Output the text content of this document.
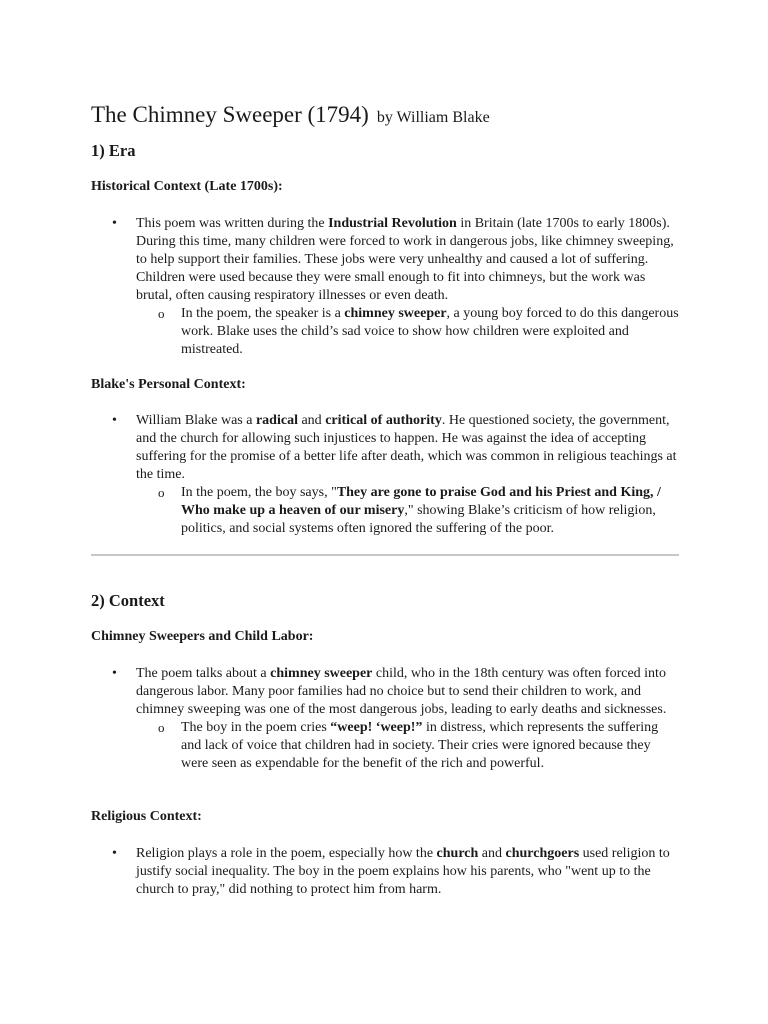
The Chimney Sweeper (1794) by William Blake
1) Era
Historical Context (Late 1700s):
• This poem was written during the Industrial Revolution in Britain (late 1700s to early 1800s). During this time, many children were forced to work in dangerous jobs, like chimney sweeping, to help support their families. These jobs were very unhealthy and caused a lot of suffering. Children were used because they were small enough to fit into chimneys, but the work was brutal, often causing respiratory illnesses or even death.
o In the poem, the speaker is a chimney sweeper, a young boy forced to do this dangerous work. Blake uses the child’s sad voice to show how children were exploited and mistreated.
Blake's Personal Context:
• William Blake was a radical and critical of authority. He questioned society, the government, and the church for allowing such injustices to happen. He was against the idea of accepting suffering for the promise of a better life after death, which was common in religious teachings at the time.
o In the poem, the boy says, "They are gone to praise God and his Priest and King, / Who make up a heaven of our misery," showing Blake’s criticism of how religion, politics, and social systems often ignored the suffering of the poor.
2) Context
Chimney Sweepers and Child Labor:
• The poem talks about a chimney sweeper child, who in the 18th century was often forced into dangerous labor. Many poor families had no choice but to send their children to work, and chimney sweeping was one of the most dangerous jobs, leading to early deaths and sicknesses.
o The boy in the poem cries “weep! ‘weep!” in distress, which represents the suffering and lack of voice that children had in society. Their cries were ignored because they were seen as expendable for the benefit of the rich and powerful.
Religious Context:
• Religion plays a role in the poem, especially how the church and churchgoers used religion to justify social inequality. The boy in the poem explains how his parents, who "went up to the church to pray," did nothing to protect him from harm.
